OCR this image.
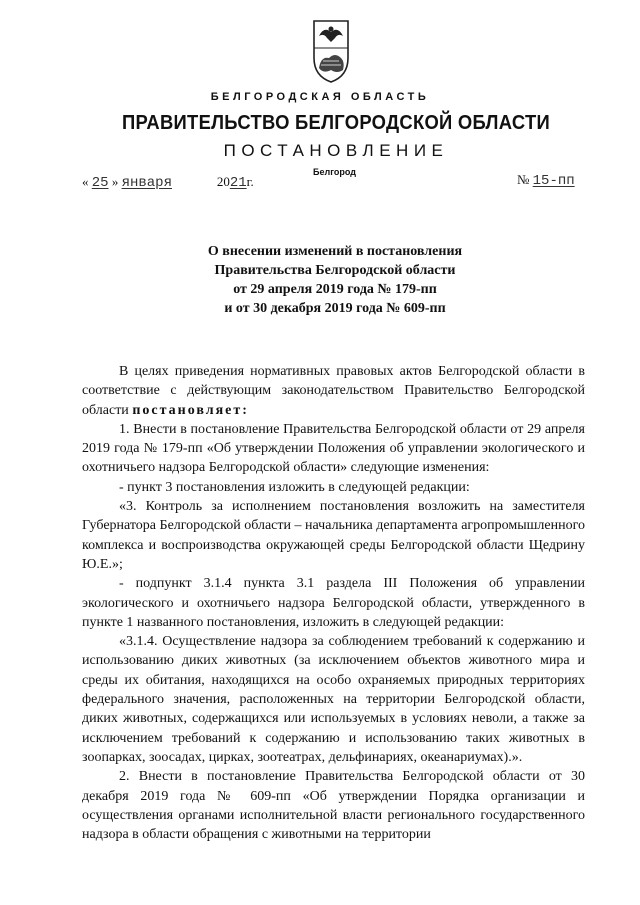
БЕЛГОРОДСКАЯ ОБЛАСТЬ
ПРАВИТЕЛЬСТВО БЕЛГОРОДСКОЙ ОБЛАСТИ
ПОСТАНОВЛЕНИЕ
Белгород
« 25 » января	2021г.	№ 15-пп
О внесении изменений в постановления
Правительства Белгородской области
от 29 апреля 2019 года № 179-пп
и от 30 декабря 2019 года № 609-пп

В целях приведения нормативных правовых актов Белгородской области в соответствие с действующим законодательством Правительство Белгородской области постановляет:

1. Внести в постановление Правительства Белгородской области от 29 апреля 2019 года № 179-пп «Об утверждении Положения об управлении экологического и охотничьего надзора Белгородской области» следующие изменения:

- пункт 3 постановления изложить в следующей редакции:

«3. Контроль за исполнением постановления возложить на заместителя Губернатора Белгородской области – начальника департамента агропромышленного комплекса и воспроизводства окружающей среды Белгородской области Щедрину Ю.Е.»;

- подпункт 3.1.4 пункта 3.1 раздела III Положения об управлении экологического и охотничьего надзора Белгородской области, утвержденного в пункте 1 названного постановления, изложить в следующей редакции:

«3.1.4. Осуществление надзора за соблюдением требований к содержанию и использованию диких животных (за исключением объектов животного мира и среды их обитания, находящихся на особо охраняемых природных территориях федерального значения, расположенных на территории Белгородской области, диких животных, содержащихся или используемых в условиях неволи, а также за исключением требований к содержанию и использованию таких животных в зоопарках, зоосадах, цирках, зоотеатрах, дельфинариях, океанариумах).».

2. Внести в постановление Правительства Белгородской области от 30 декабря 2019 года № 609-пп «Об утверждении Порядка организации и осуществления органами исполнительной власти регионального государственного надзора в области обращения с животными на территории
